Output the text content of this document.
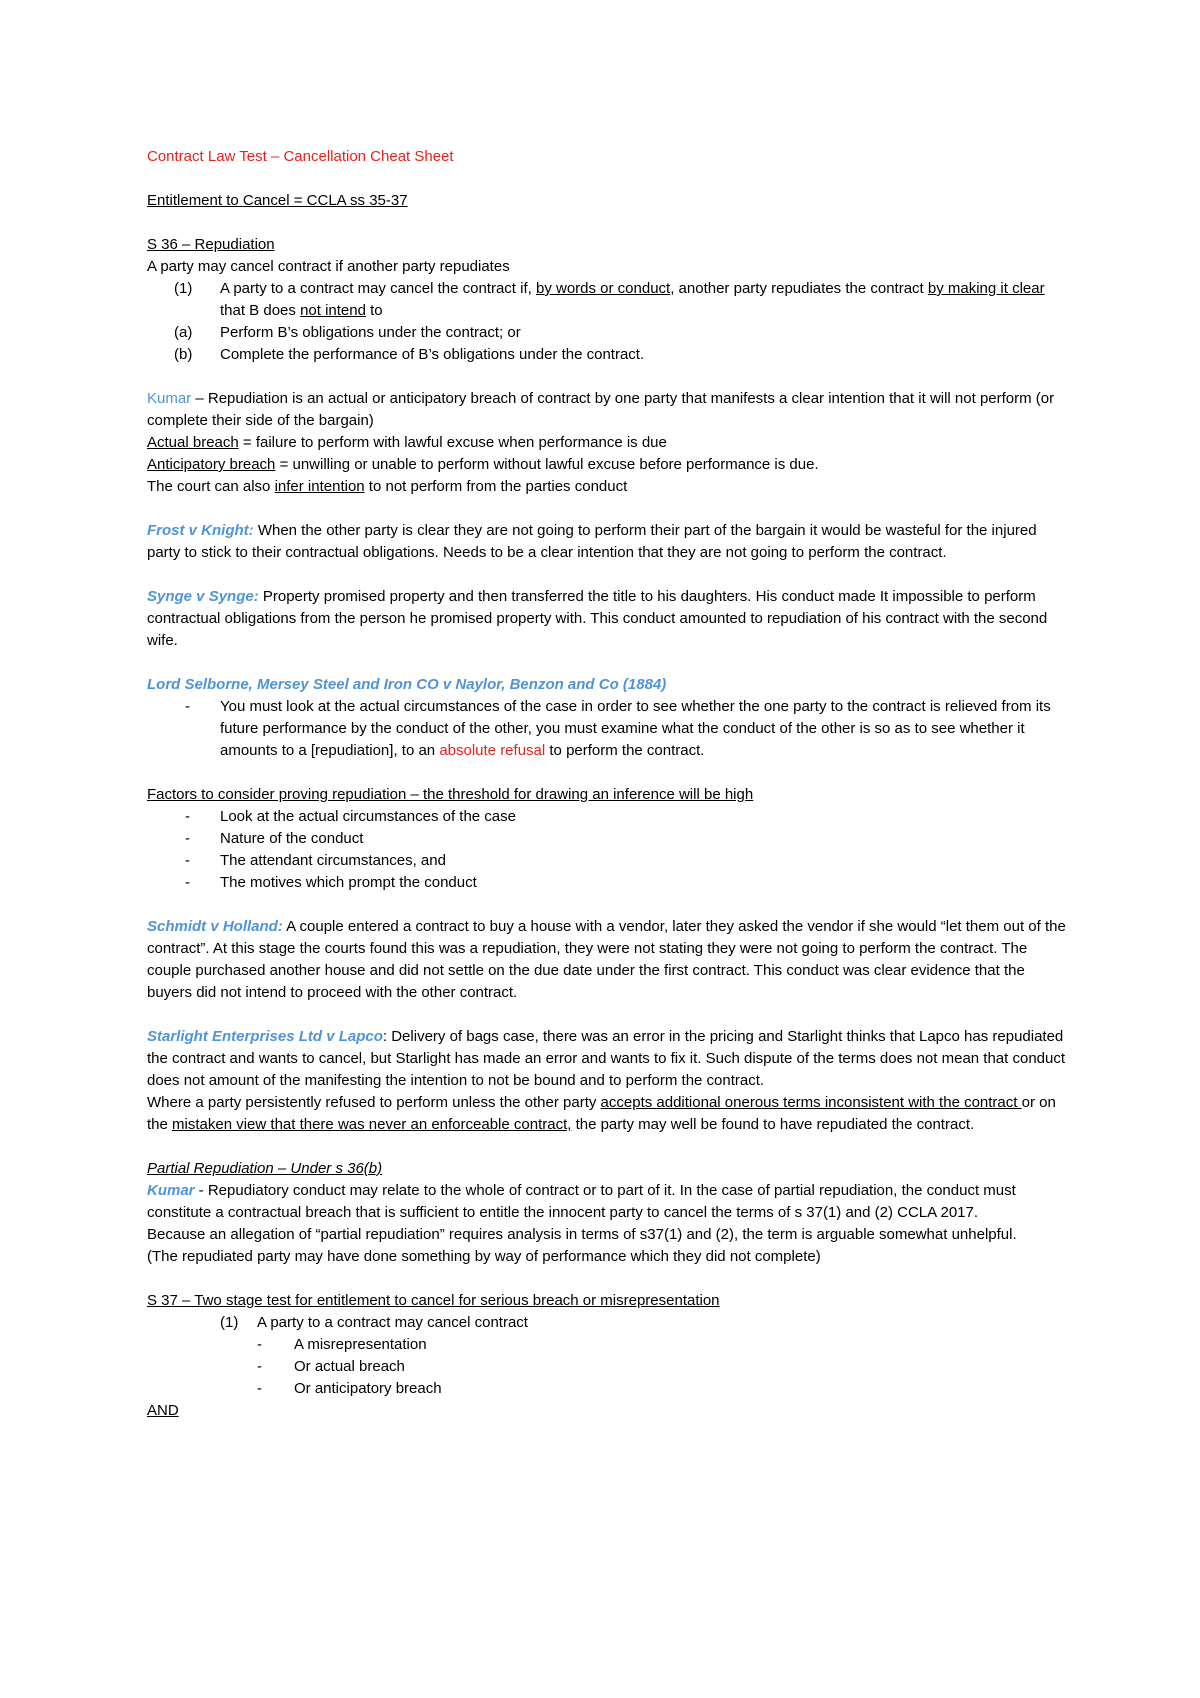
Contract Law Test – Cancellation Cheat Sheet

Entitlement to Cancel = CCLA ss 35-37

S 36 – Repudiation

A party may cancel contract if another party repudiates

(1)	A party to a contract may cancel the contract if, by words or conduct, another party repudiates the contract by making it clear that B does not intend to
(a)	Perform B’s obligations under the contract; or
(b)	Complete the performance of B’s obligations under the contract.

Kumar – Repudiation is an actual or anticipatory breach of contract by one party that manifests a clear intention that it will not perform (or complete their side of the bargain)

Actual breach = failure to perform with lawful excuse when performance is due

Anticipatory breach = unwilling or unable to perform without lawful excuse before performance is due.

The court can also infer intention to not perform from the parties conduct

Frost v Knight: When the other party is clear they are not going to perform their part of the bargain it would be wasteful for the injured party to stick to their contractual obligations. Needs to be a clear intention that they are not going to perform the contract.

Synge v Synge: Property promised property and then transferred the title to his daughters. His conduct made It impossible to perform contractual obligations from the person he promised property with. This conduct amounted to repudiation of his contract with the second wife.

Lord Selborne, Mersey Steel and Iron CO v Naylor, Benzon and Co (1884)

-	You must look at the actual circumstances of the case in order to see whether the one party to the contract is relieved from its future performance by the conduct of the other, you must examine what the conduct of the other is so as to see whether it amounts to a [repudiation], to an absolute refusal to perform the contract.

Factors to consider proving repudiation – the threshold for drawing an inference will be high

-	Look at the actual circumstances of the case
-	Nature of the conduct
-	The attendant circumstances, and
-	The motives which prompt the conduct

Schmidt v Holland: A couple entered a contract to buy a house with a vendor, later they asked the vendor if she would “let them out of the contract”. At this stage the courts found this was a repudiation, they were not stating they were not going to perform the contract. The couple purchased another house and did not settle on the due date under the first contract. This conduct was clear evidence that the buyers did not intend to proceed with the other contract.

Starlight Enterprises Ltd v Lapco: Delivery of bags case, there was an error in the pricing and Starlight thinks that Lapco has repudiated the contract and wants to cancel, but Starlight has made an error and wants to fix it. Such dispute of the terms does not mean that conduct does not amount of the manifesting the intention to not be bound and to perform the contract.

Where a party persistently refused to perform unless the other party accepts additional onerous terms inconsistent with the contract or on the mistaken view that there was never an enforceable contract, the party may well be found to have repudiated the contract.

Partial Repudiation – Under s 36(b)

Kumar - Repudiatory conduct may relate to the whole of contract or to part of it. In the case of partial repudiation, the conduct must constitute a contractual breach that is sufficient to entitle the innocent party to cancel the terms of s 37(1) and (2) CCLA 2017.

Because an allegation of “partial repudiation” requires analysis in terms of s37(1) and (2), the term is arguable somewhat unhelpful.

(The repudiated party may have done something by way of performance which they did not complete)

S 37 – Two stage test for entitlement to cancel for serious breach or misrepresentation

(1)	A party to a contract may cancel contract
-	A misrepresentation
-	Or actual breach
-	Or anticipatory breach

AND
